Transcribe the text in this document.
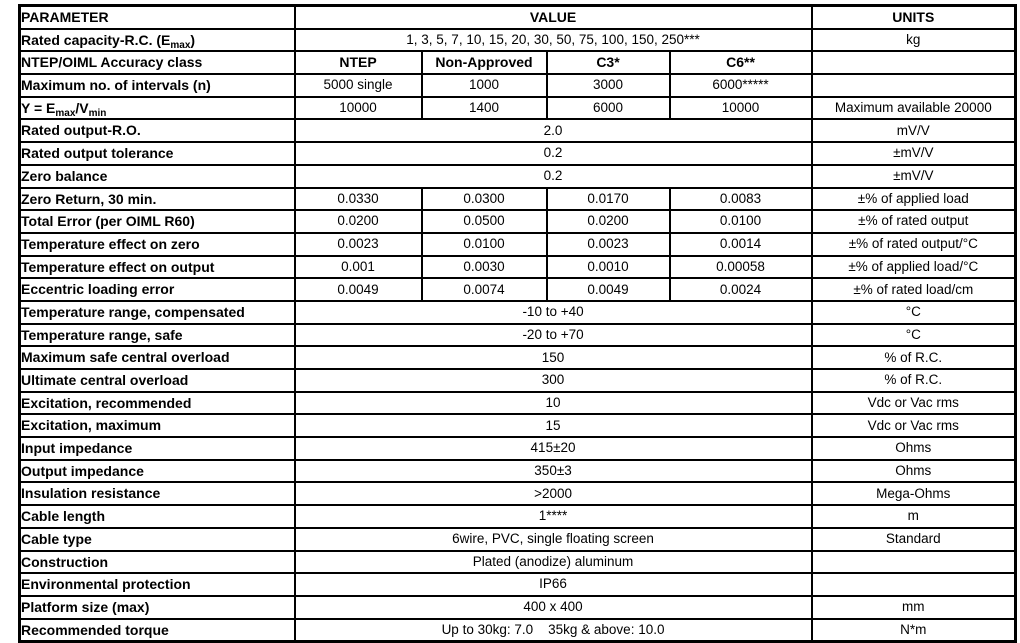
PARAMETER	VALUE				UNITS
Rated capacity-R.C. $(E_{max})$	1, 3, 5, 7, 10, 15, 20, 30, 50, 75, 100, 150, 250***				kg
NTEP/OIML Accuracy class	NTEP	Non-Approved	C3*	C6**	
Maximum no. of intervals (n)	5000 single	1000	3000	6000*****	
$Y = E_{max}/V_{min}$	10000	1400	6000	10000	Maximum available 20000
Rated output-R.O.	2.0				mV/V
Rated output tolerance	0.2				±mV/V
Zero balance	0.2				±mV/V
Zero Return, 30 min.	0.0330	0.0300	0.0170	0.0083	±% of applied load
Total Error (per OIML R60)	0.0200	0.0500	0.0200	0.0100	±% of rated output
Temperature effect on zero	0.0023	0.0100	0.0023	0.0014	±% of rated output/°C
Temperature effect on output	0.001	0.0030	0.0010	0.00058	±% of applied load/°C
Eccentric loading error	0.0049	0.0074	0.0049	0.0024	±% of rated load/cm
Temperature range, compensated	-10 to +40				°C
Temperature range, safe	-20 to +70				°C
Maximum safe central overload	150				% of R.C.
Ultimate central overload	300				% of R.C.
Excitation, recommended	10				Vdc or Vac rms
Excitation, maximum	15				Vdc or Vac rms
Input impedance	415±20				Ohms
Output impedance	350±3				Ohms
Insulation resistance	>2000				Mega-Ohms
Cable length	1****				m
Cable type	6wire, PVC, single floating screen				Standard
Construction	Plated (anodize) aluminum				
Environmental protection	IP66				
Platform size (max)	400 x 400				mm
Recommended torque	Up to 30kg: 7.0    35kg & above: 10.0				N*m
